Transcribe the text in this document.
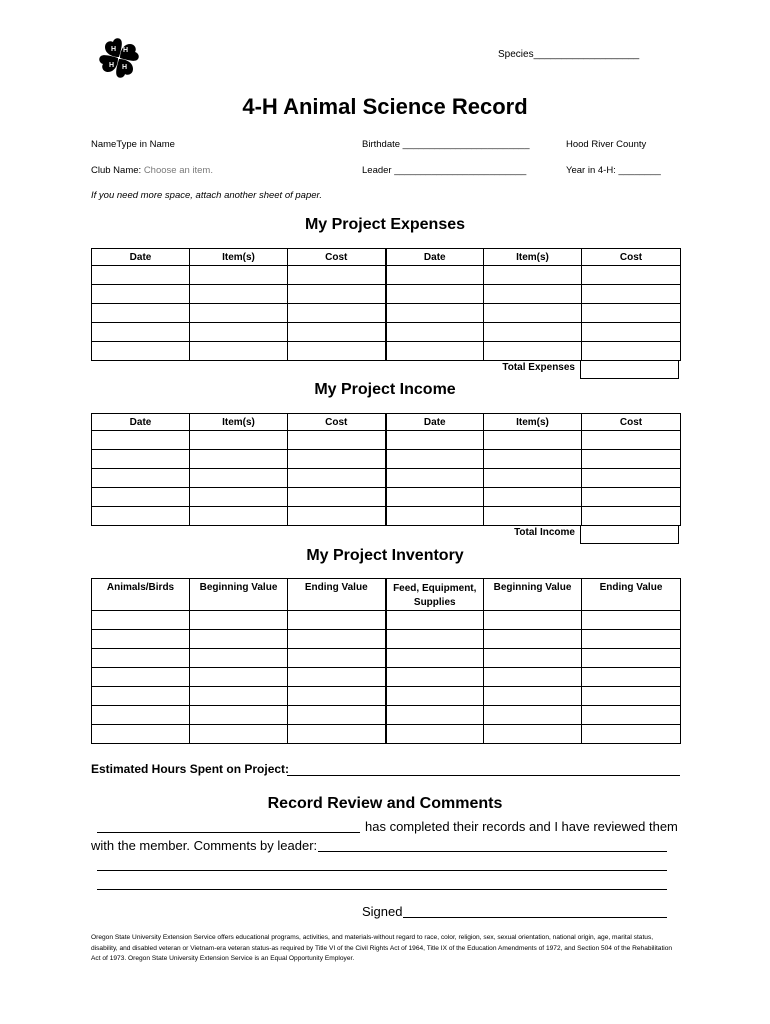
H H
H
H
Species___________________
4-H Animal Science Record
NameType in Name	Birthdate ________________________	Hood River County
Club Name: Choose an item.	Leader _________________________	Year in 4-H: ________
If you need more space, attach another sheet of paper.
My Project Expenses
Date	Item(s)	Cost	Date	Item(s)	Cost

Total Expenses
My Project Income
Date	Item(s)	Cost	Date	Item(s)	Cost

Total Income
My Project Inventory
Animals/Birds	Beginning Value	Ending Value	Feed, Equipment, Supplies	Beginning Value	Ending Value

Estimated Hours Spent on Project:
Record Review and Comments
has completed their records and I have reviewed them
with the member. Comments by leader:
Signed
Oregon State University Extension Service offers educational programs, activities, and materials-without regard to race, color, religion, sex, sexual orientation, national origin, age, marital status, disability, and disabled veteran or Vietnam-era veteran status-as required by Title VI of the Civil Rights Act of 1964, Title IX of the Education Amendments of 1972, and Section 504 of the Rehabilitation Act of 1973. Oregon State University Extension Service is an Equal Opportunity Employer.
